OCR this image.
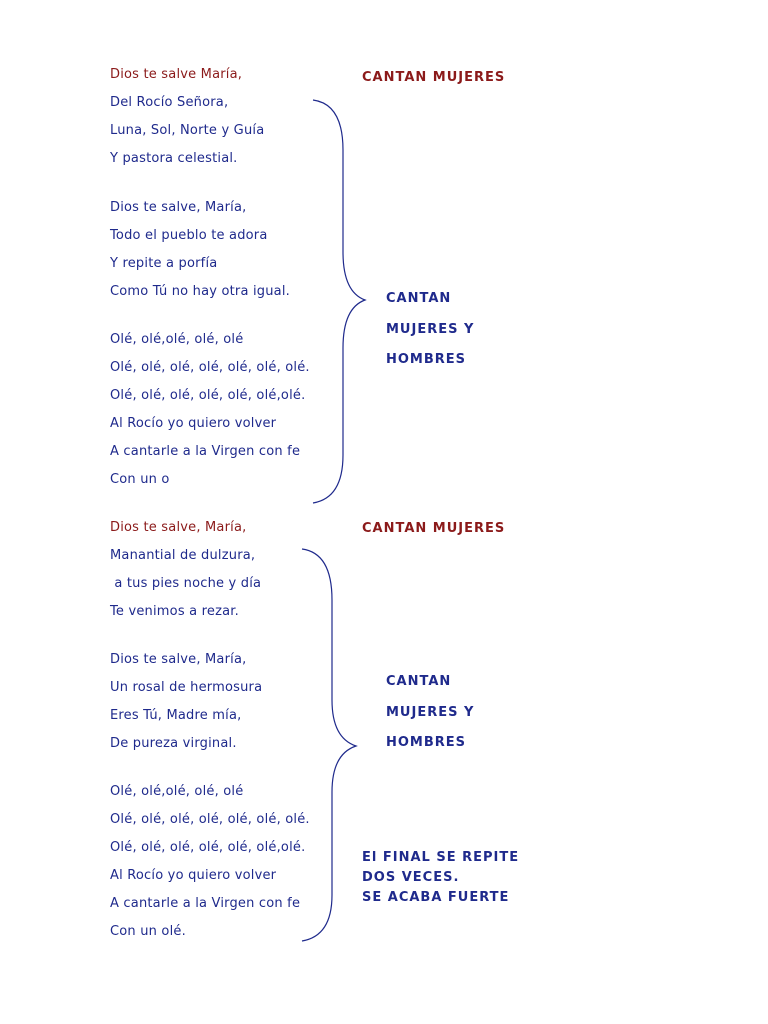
Dios te salve María,
Del Rocío Señora,
Luna, Sol, Norte y Guía
Y pastora celestial.
Dios te salve, María,
Todo el pueblo te adora
Y repite a porfía
Como Tú no hay otra igual.
Olé, olé,olé, olé, olé
Olé, olé, olé, olé, olé, olé, olé.
Olé, olé, olé, olé, olé, olé,olé.
Al Rocío yo quiero volver
A cantarle a la Virgen con fe
Con un o
CANTAN MUJERES
CANTAN
MUJERES Y
HOMBRES
Dios te salve, María,
Manantial de dulzura,
a tus pies noche y día
Te venimos a rezar.
Dios te salve, María,
Un rosal de hermosura
Eres Tú, Madre mía,
De pureza virginal.
Olé, olé,olé, olé, olé
Olé, olé, olé, olé, olé, olé, olé.
Olé, olé, olé, olé, olé, olé,olé.
Al Rocío yo quiero volver
A cantarle a la Virgen con fe
Con un olé.
CANTAN MUJERES
CANTAN
MUJERES Y
HOMBRES
El FINAL SE REPITE
DOS VECES.
SE ACABA FUERTE
